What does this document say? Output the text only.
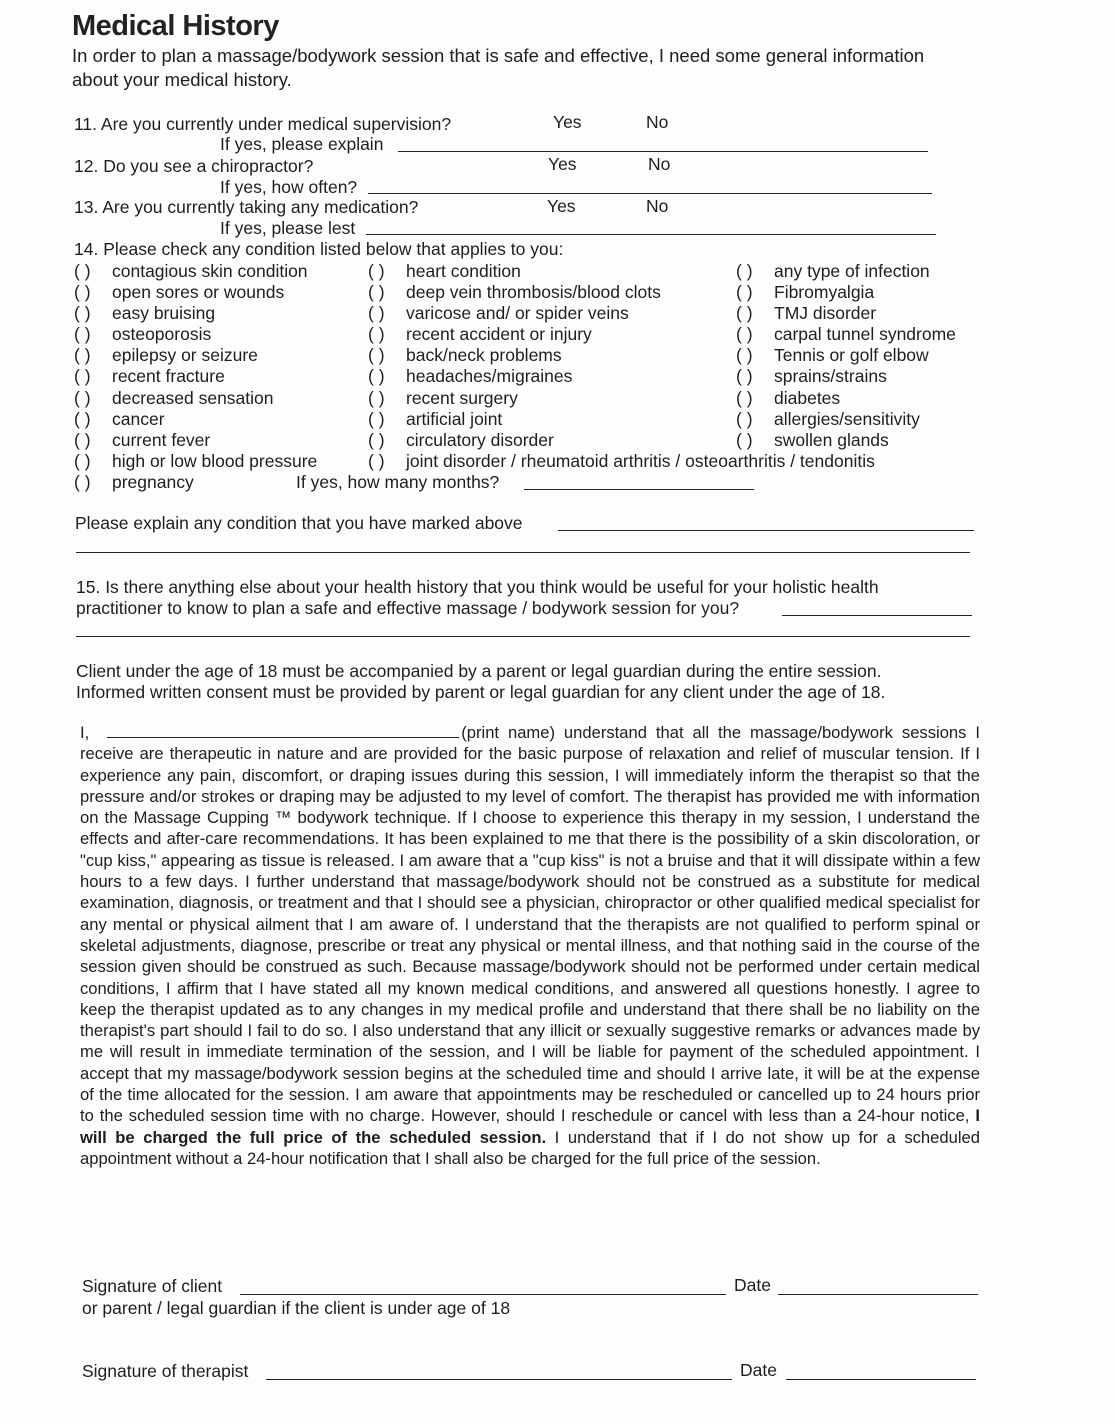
Medical History
In order to plan a massage/bodywork session that is safe and effective, I need some general information about your medical history.
11. Are you currently under medical supervision?	Yes	No
If yes, please explain
12. Do you see a chiropractor?	Yes	No
If yes, how often?
13. Are you currently taking any medication?	Yes	No
If yes, please lest
14. Please check any condition listed below that applies to you:
( ) contagious skin condition
( ) open sores or wounds
( ) easy bruising
( ) osteoporosis
( ) epilepsy or seizure
( ) recent fracture
( ) decreased sensation
( ) cancer
( ) current fever
( ) high or low blood pressure
( ) pregnancy
( ) heart condition
( ) deep vein thrombosis/blood clots
( ) varicose and/ or spider veins
( ) recent accident or injury
( ) back/neck problems
( ) headaches/migraines
( ) recent surgery
( ) artificial joint
( ) circulatory disorder
( ) joint disorder / rheumatoid arthritis / osteoarthritis / tendonitis
( ) any type of infection
( ) Fibromyalgia
( ) TMJ disorder
( ) carpal tunnel syndrome
( ) Tennis or golf elbow
( ) sprains/strains
( ) diabetes
( ) allergies/sensitivity
( ) swollen glands
If yes, how many months?
Please explain any condition that you have marked above
15. Is there anything else about your health history that you think would be useful for your holistic health
practitioner to know to plan a safe and effective massage / bodywork session for you?
Client under the age of 18 must be accompanied by a parent or legal guardian during the entire session.
Informed written consent must be provided by parent or legal guardian for any client under the age of 18.
I,	(print name) understand that all the massage/bodywork sessions I receive are therapeutic in nature and are provided for the basic purpose of relaxation and relief of muscular tension. If I experience any pain, discomfort, or draping issues during this session, I will immediately inform the therapist so that the pressure and/or strokes or draping may be adjusted to my level of comfort. The therapist has provided me with information on the Massage Cupping ™ bodywork technique. If I choose to experience this therapy in my session, I understand the effects and after-care recommendations. It has been explained to me that there is the possibility of a skin discoloration, or "cup kiss," appearing as tissue is released. I am aware that a "cup kiss" is not a bruise and that it will dissipate within a few hours to a few days. I further understand that massage/bodywork should not be construed as a substitute for medical examination, diagnosis, or treatment and that I should see a physician, chiropractor or other qualified medical specialist for any mental or physical ailment that I am aware of. I understand that the therapists are not qualified to perform spinal or skeletal adjustments, diagnose, prescribe or treat any physical or mental illness, and that nothing said in the course of the session given should be construed as such. Because massage/bodywork should not be performed under certain medical conditions, I affirm that I have stated all my known medical conditions, and answered all questions honestly. I agree to keep the therapist updated as to any changes in my medical profile and understand that there shall be no liability on the therapist's part should I fail to do so. I also understand that any illicit or sexually suggestive remarks or advances made by me will result in immediate termination of the session, and I will be liable for payment of the scheduled appointment. I accept that my massage/bodywork session begins at the scheduled time and should I arrive late, it will be at the expense of the time allocated for the session. I am aware that appointments may be rescheduled or cancelled up to 24 hours prior to the scheduled session time with no charge. However, should I reschedule or cancel with less than a 24-hour notice, I will be charged the full price of the scheduled session. I understand that if I do not show up for a scheduled appointment without a 24-hour notification that I shall also be charged for the full price of the session.
Signature of client	Date
or parent / legal guardian if the client is under age of 18
Signature of therapist	Date
